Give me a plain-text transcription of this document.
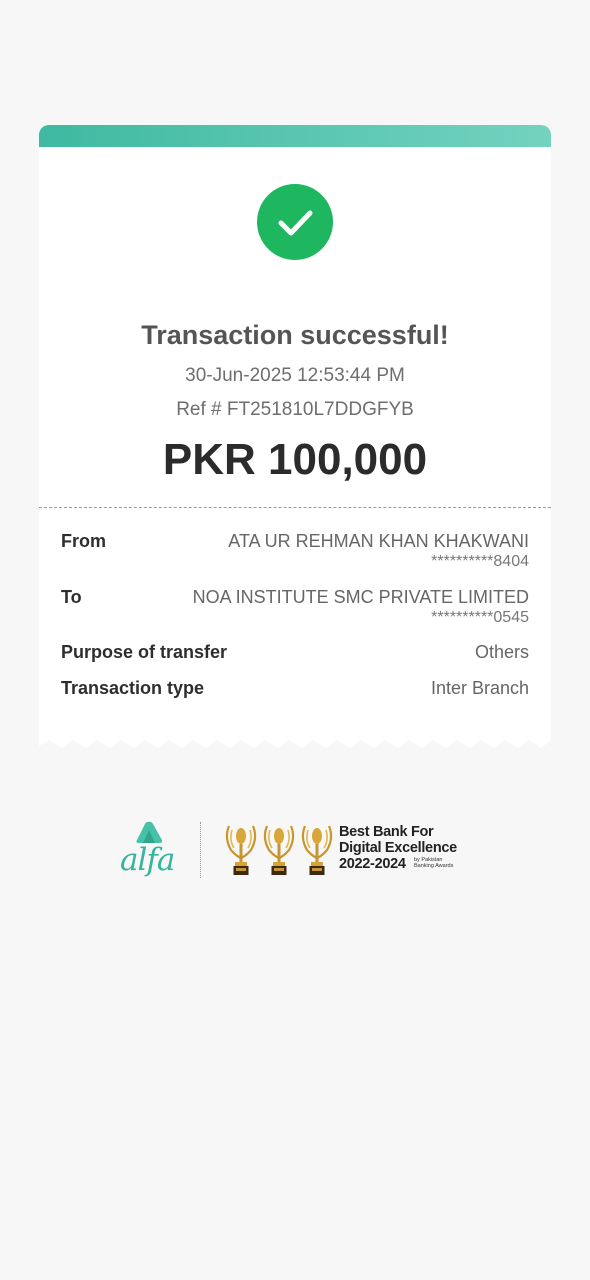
Transaction successful!
30-Jun-2025 12:53:44 PM
Ref # FT251810L7DDGFYB
PKR 100,000
From	ATA UR REHMAN KHAN KHAKWANI
**********8404
To	NOA INSTITUTE SMC PRIVATE LIMITED
**********0545
Purpose of transfer	Others
Transaction type	Inter Branch
alfa
Best Bank For
Digital Excellence
2022-2024	by Pakistan Banking Awards
